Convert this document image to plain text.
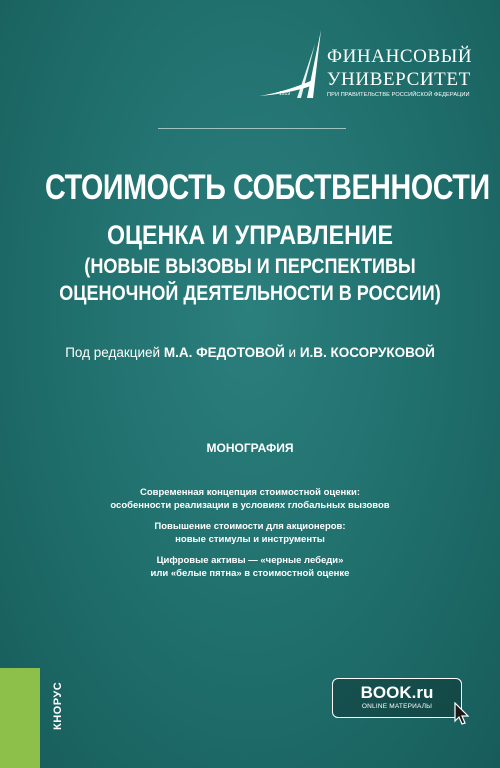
1919
ФИНАНСОВЫЙ
УНИВЕРСИТЕТ
ПРИ ПРАВИТЕЛЬСТВЕ РОССИЙСКОЙ ФЕДЕРАЦИИ
СТОИМОСТЬ СОБСТВЕННОСТИ
ОЦЕНКА И УПРАВЛЕНИЕ
(НОВЫЕ ВЫЗОВЫ И ПЕРСПЕКТИВЫ
ОЦЕНОЧНОЙ ДЕЯТЕЛЬНОСТИ В РОССИИ)
Под редакцией М.А. ФЕДОТОВОЙ и И.В. КОСОРУКОВОЙ
МОНОГРАФИЯ
Современная концепция стоимостной оценки:
особенности реализации в условиях глобальных вызовов
Повышение стоимости для акционеров:
новые стимулы и инструменты
Цифровые активы — «черные лебеди»
или «белые пятна» в стоимостной оценке
КНОРУС	BOOK.ru
ONLINE МАТЕРИАЛЫ
